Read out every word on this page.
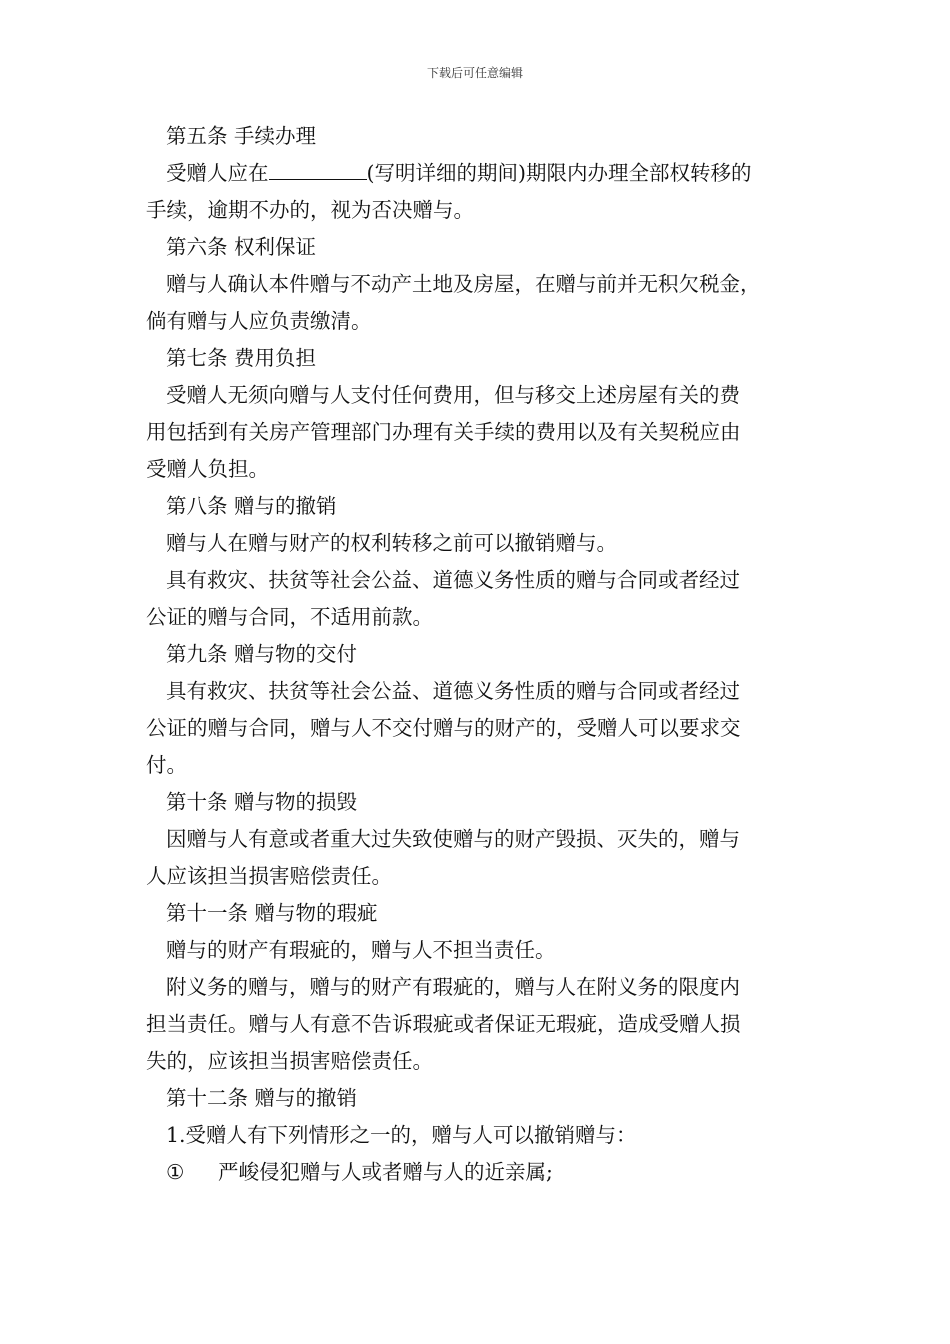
下载后可任意编辑
第五条 手续办理
受赠人应在	(写明详细的期间)期限内办理全部权转移的
手续，逾期不办的，视为否决赠与。
第六条 权利保证
赠与人确认本件赠与不动产土地及房屋，在赠与前并无积欠税金，
倘有赠与人应负责缴清。
第七条 费用负担
受赠人无须向赠与人支付任何费用，但与移交上述房屋有关的费
用包括到有关房产管理部门办理有关手续的费用以及有关契税应由
受赠人负担。
第八条 赠与的撤销
赠与人在赠与财产的权利转移之前可以撤销赠与。
具有救灾、扶贫等社会公益、道德义务性质的赠与合同或者经过
公证的赠与合同，不适用前款。
第九条 赠与物的交付
具有救灾、扶贫等社会公益、道德义务性质的赠与合同或者经过
公证的赠与合同，赠与人不交付赠与的财产的，受赠人可以要求交
付。
第十条 赠与物的损毁
因赠与人有意或者重大过失致使赠与的财产毁损、灭失的，赠与
人应该担当损害赔偿责任。
第十一条 赠与物的瑕疵
赠与的财产有瑕疵的，赠与人不担当责任。
附义务的赠与，赠与的财产有瑕疵的，赠与人在附义务的限度内
担当责任。赠与人有意不告诉瑕疵或者保证无瑕疵，造成受赠人损
失的，应该担当损害赔偿责任。
第十二条 赠与的撤销
1.受赠人有下列情形之一的，赠与人可以撤销赠与：
① 严峻侵犯赠与人或者赠与人的近亲属;
